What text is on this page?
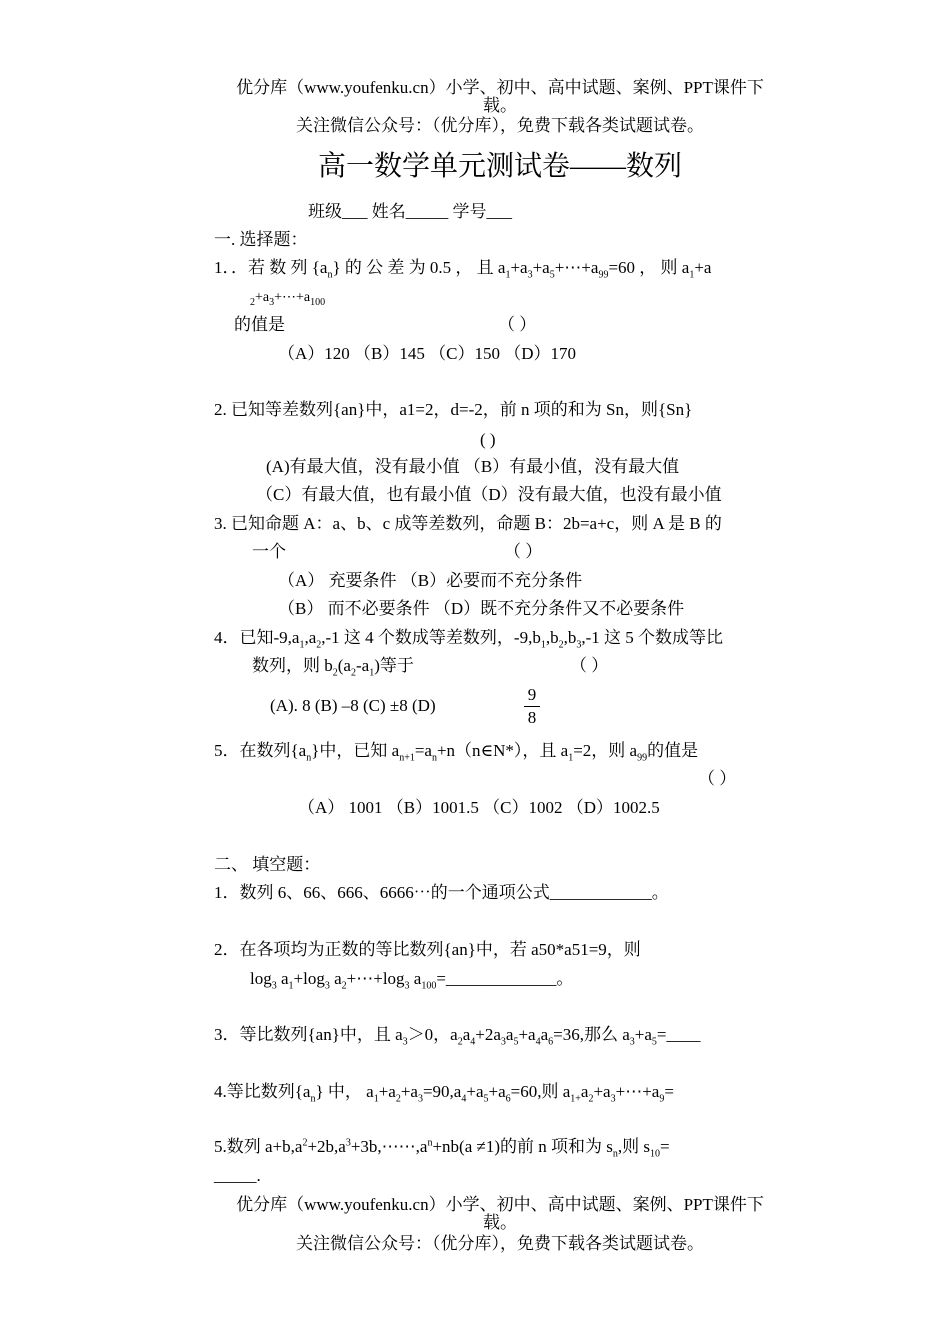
优分库（www.youfenku.cn）小学、初中、高中试题、案例、PPT课件下
载。
关注微信公众号：（优分库），免费下载各类试题试卷。
高一数学单元测试卷——数列
班级___ 姓名_____ 学号___
一. 选择题：
1．．若 数 列 $\{a_n\}$ 的 公 差 为 0.5 ， 且 $a_1+a_3+a_5+\cdots+a_{99}=60$ ， 则 $a_1+a$
$_2+a_3+\cdots+a_{100}$
的值是	（ ）
（A）120 （B）145 （C）150 （D）170
2. 已知等差数列{an}中，a1=2，d=-2，前 n 项的和为 Sn，则{Sn}
( )
(A)有最大值，没有最小值 （B）有最小值，没有最大值
（C）有最大值，也有最小值（D）没有最大值，也没有最小值
3. 已知命题 A：a、b、c 成等差数列，命题 B：2b=a+c，则 A 是 B 的
一个	（ ）
（A） 充要条件 （B）必要而不充分条件
（B） 而不必要条件 （D）既不充分条件又不必要条件
4．已知$-9,a_1,a_2,-1$ 这 4 个数成等差数列，$-9,b_1,b_2,b_3,-1$ 这 5 个数成等比
数列，则 $b_2(a_2-a_1)$等于	（ ）
(A). 8 (B) –8 (C) ±8 (D)
9
8
5．在数列$\{a_n\}$中，已知 $a_{n+1}=a_n+n(n\in N*)$，且 $a_1=2$，则 $a_{99}$的值是
（ ）
（A） 1001 （B）1001.5 （C）1002 （D）1002.5
二、 填空题：
1．数列 6、66、666、6666⋯的一个通项公式____________。
2．在各项均为正数的等比数列{an}中，若 a50*a51=9，则
$\log_3 a_1+\log_3$ $a_2+\cdots+\log_3$ $a_{100}=\_\_\_\_\_\_\_\_\_\_\_\_\_$。
3．等比数列{an}中，且 $a_3>0$，$a_2a_4+2a_3a_5+a_4a_6=36$,那么 $a_3+a_5=\_\_\_\_$
4.等比数列$\{a_n\}$ 中， $a_1+a_2+a_3=90,a_4+a_5+a_6=60$,则 $a_{1+}a_2+a_3+\cdots+a_9=$
5.数列 $a+b,a^2+2b,a^3+3b,\cdots\cdots,a^n+nb(a \ne 1)$的前 n 项和为 $s_n$,则 $s_{10}=$
_____.
优分库（www.youfenku.cn）小学、初中、高中试题、案例、PPT课件下
载。
关注微信公众号：（优分库），免费下载各类试题试卷。
